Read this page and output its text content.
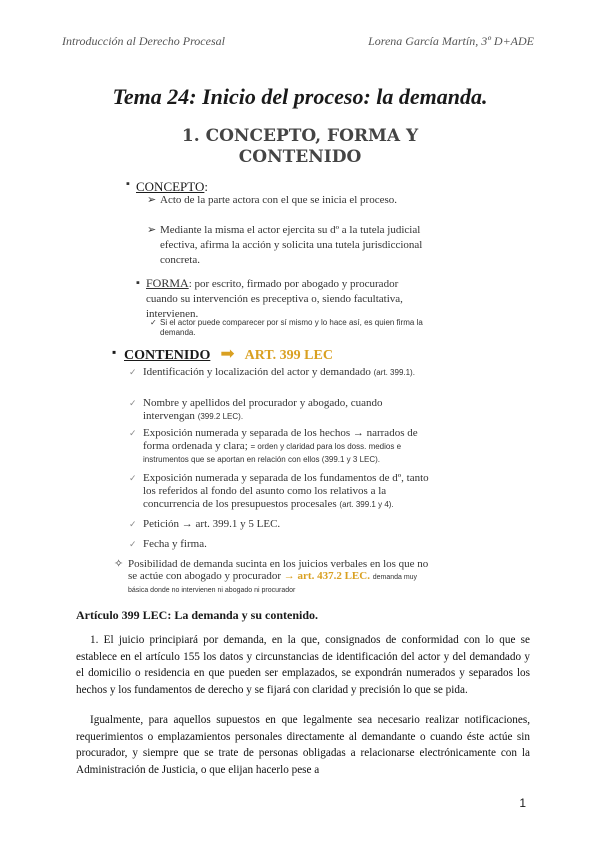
Introducción al Derecho Procesal	Lorena García Martín, 3º D+ADE
Tema 24: Inicio del proceso: la demanda.
1. CONCEPTO, FORMA Y
CONTENIDO
▪ CONCEPTO:
➢ Acto de la parte actora con el que se inicia el proceso.
➢ Mediante la misma el actor ejercita su dº a la tutela judicial efectiva, afirma la acción y solicita una tutela jurisdiccional concreta.
▪ FORMA: por escrito, firmado por abogado y procurador cuando su intervención es preceptiva o, siendo facultativa, intervienen.
✓ Si el actor puede comparecer por sí mismo y lo hace así, es quien firma la demanda.
▪ CONTENIDO ➡ ART. 399 LEC
✓ Identificación y localización del actor y demandado (art. 399.1).
✓ Nombre y apellidos del procurador y abogado, cuando intervengan (399.2 LEC).
✓ Exposición numerada y separada de los hechos → narrados de forma ordenada y clara; = orden y claridad para los doss. medios e instrumentos que se aportan en relación con ellos (399.1 y 3 LEC).
✓ Exposición numerada y separada de los fundamentos de dº, tanto los referidos al fondo del asunto como los relativos a la concurrencia de los presupuestos procesales (art. 399.1 y 4).
✓ Petición → art. 399.1 y 5 LEC.
✓ Fecha y firma.
✧ Posibilidad de demanda sucinta en los juicios verbales en los que no se actúe con abogado y procurador → art. 437.2 LEC. demanda muy básica donde no intervienen ni abogado ni procurador
Artículo 399 LEC: La demanda y su contenido.
1. El juicio principiará por demanda, en la que, consignados de conformidad con lo que se establece en el artículo 155 los datos y circunstancias de identificación del actor y del demandado y el domicilio o residencia en que pueden ser emplazados, se expondrán numerados y separados los hechos y los fundamentos de derecho y se fijará con claridad y precisión lo que se pida.
Igualmente, para aquellos supuestos en que legalmente sea necesario realizar notificaciones, requerimientos o emplazamientos personales directamente al demandante o cuando éste actúe sin procurador, y siempre que se trate de personas obligadas a relacionarse electrónicamente con la Administración de Justicia, o que elijan hacerlo pese a
1
